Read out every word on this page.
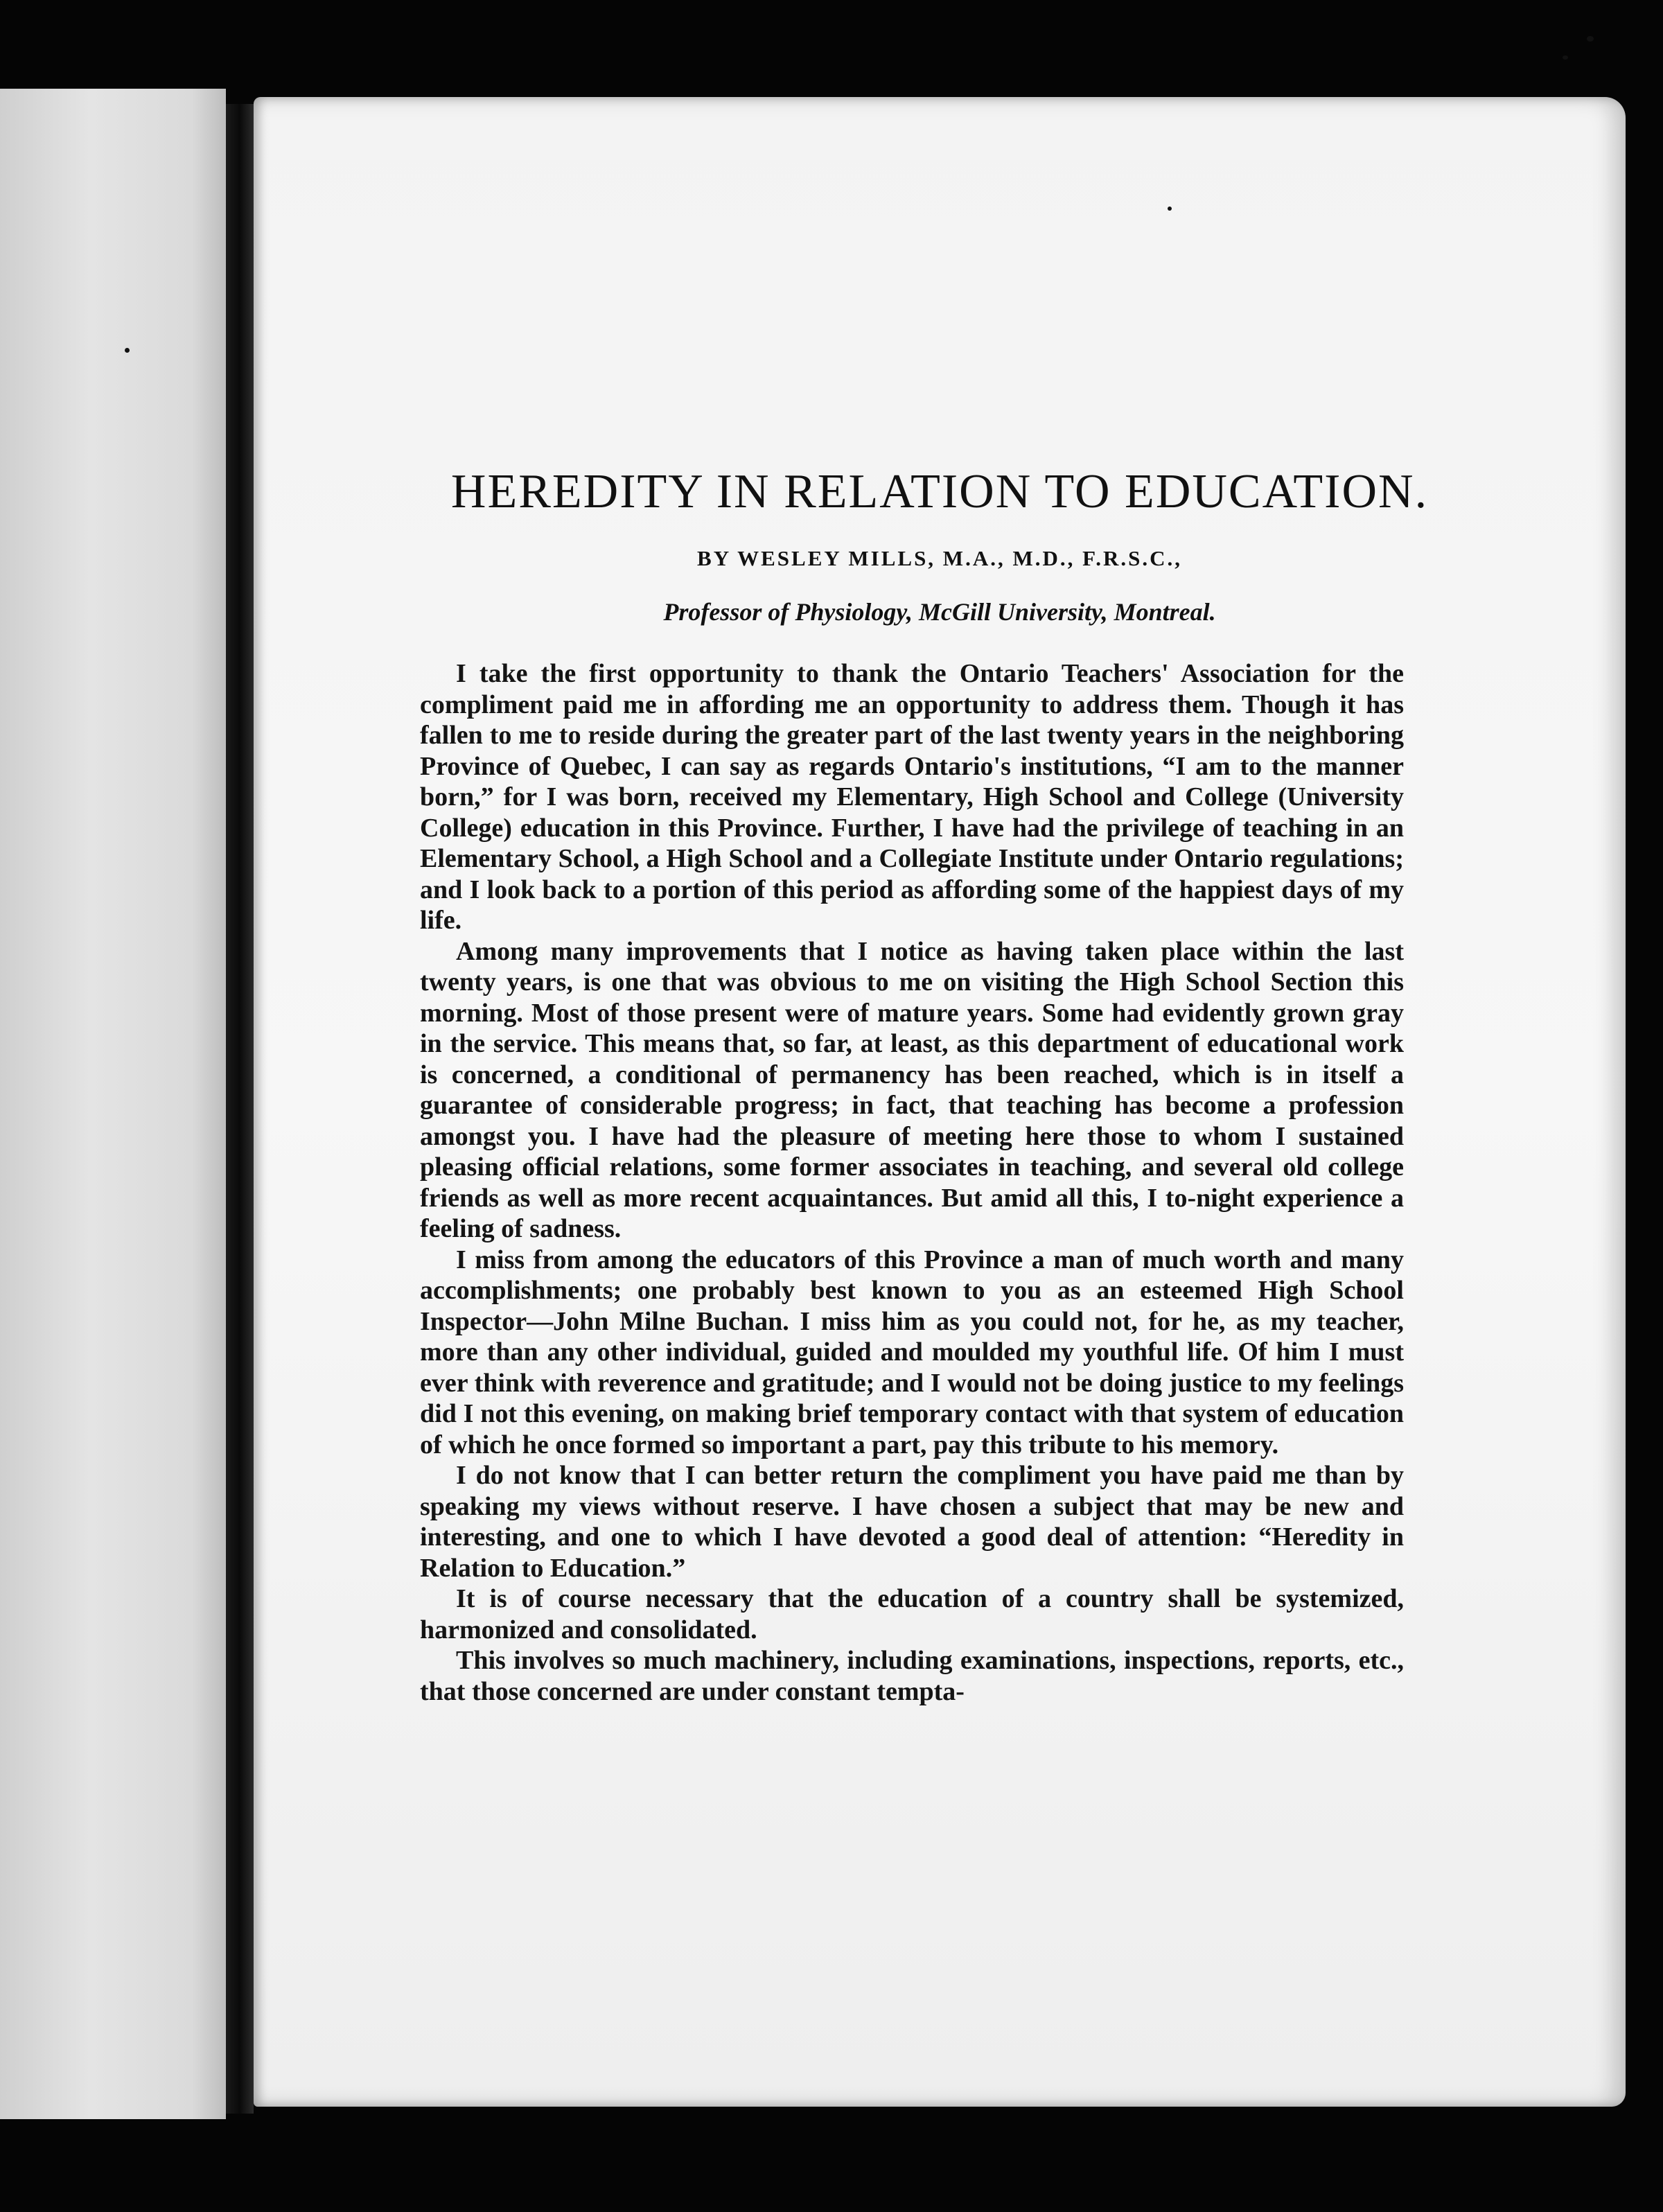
HEREDITY IN RELATION TO EDUCATION.
BY WESLEY MILLS, M.A., M.D., F.R.S.C.,
Professor of Physiology, McGill University, Montreal.

I take the first opportunity to thank the Ontario Teachers' Association for the compliment paid me in affording me an opportunity to address them. Though it has fallen to me to reside during the greater part of the last twenty years in the neighboring Province of Quebec, I can say as regards Ontario's institutions, “I am to the manner born,” for I was born, received my Elementary, High School and College (University College) education in this Province. Further, I have had the privilege of teaching in an Elementary School, a High School and a Collegiate Institute under Ontario regulations; and I look back to a portion of this period as affording some of the happiest days of my life.

Among many improvements that I notice as having taken place within the last twenty years, is one that was obvious to me on visiting the High School Section this morning. Most of those present were of mature years. Some had evidently grown gray in the service. This means that, so far, at least, as this department of educational work is concerned, a conditional of permanency has been reached, which is in itself a guarantee of considerable progress; in fact, that teaching has become a profession amongst you. I have had the pleasure of meeting here those to whom I sustained pleasing official relations, some former associates in teaching, and several old college friends as well as more recent acquaintances. But amid all this, I to-night experience a feeling of sadness.

I miss from among the educators of this Province a man of much worth and many accomplishments; one probably best known to you as an esteemed High School Inspector—John Milne Buchan. I miss him as you could not, for he, as my teacher, more than any other individual, guided and moulded my youthful life. Of him I must ever think with reverence and gratitude; and I would not be doing justice to my feelings did I not this evening, on making brief temporary contact with that system of education of which he once formed so important a part, pay this tribute to his memory.

I do not know that I can better return the compliment you have paid me than by speaking my views without reserve. I have chosen a subject that may be new and interesting, and one to which I have devoted a good deal of attention: “Heredity in Relation to Education.”

It is of course necessary that the education of a country shall be systemized, harmonized and consolidated.

This involves so much machinery, including examinations, inspections, reports, etc., that those concerned are under constant tempta-
